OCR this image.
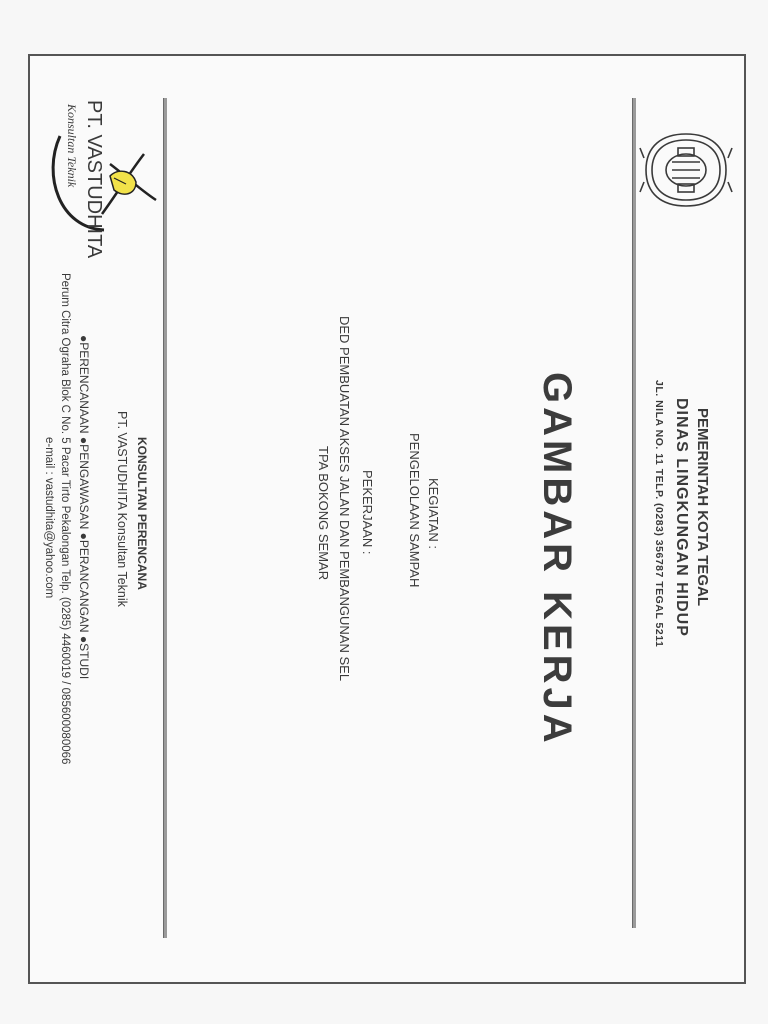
PEMERINTAH KOTA TEGAL
DINAS LINGKUNGAN HIDUP
JL. NILA NO. 11 TELP. (0283) 356787 TEGAL 5211
GAMBAR KERJA
KEGIATAN :
PENGELOLAAN SAMPAH
PEKERJAAN :
DED PEMBUATAN AKSES JALAN DAN PEMBANGUNAN SEL
TPA BOKONG SEMAR
KONSULTAN PERENCANA
PT. VASTUDHITA Konsultan Teknik
●PERENCANAAN ●PENGAWASAN ●PERANCANGAN ●STUDI
Perum Citra Ograha Blok C No. 5 Pacar Tirto Pekalongan Telp. (0285) 4460019 / 085600080066
e-mail : vastudhita@yahoo.com
PT. VASTUDHITA
Konsultan Teknik
